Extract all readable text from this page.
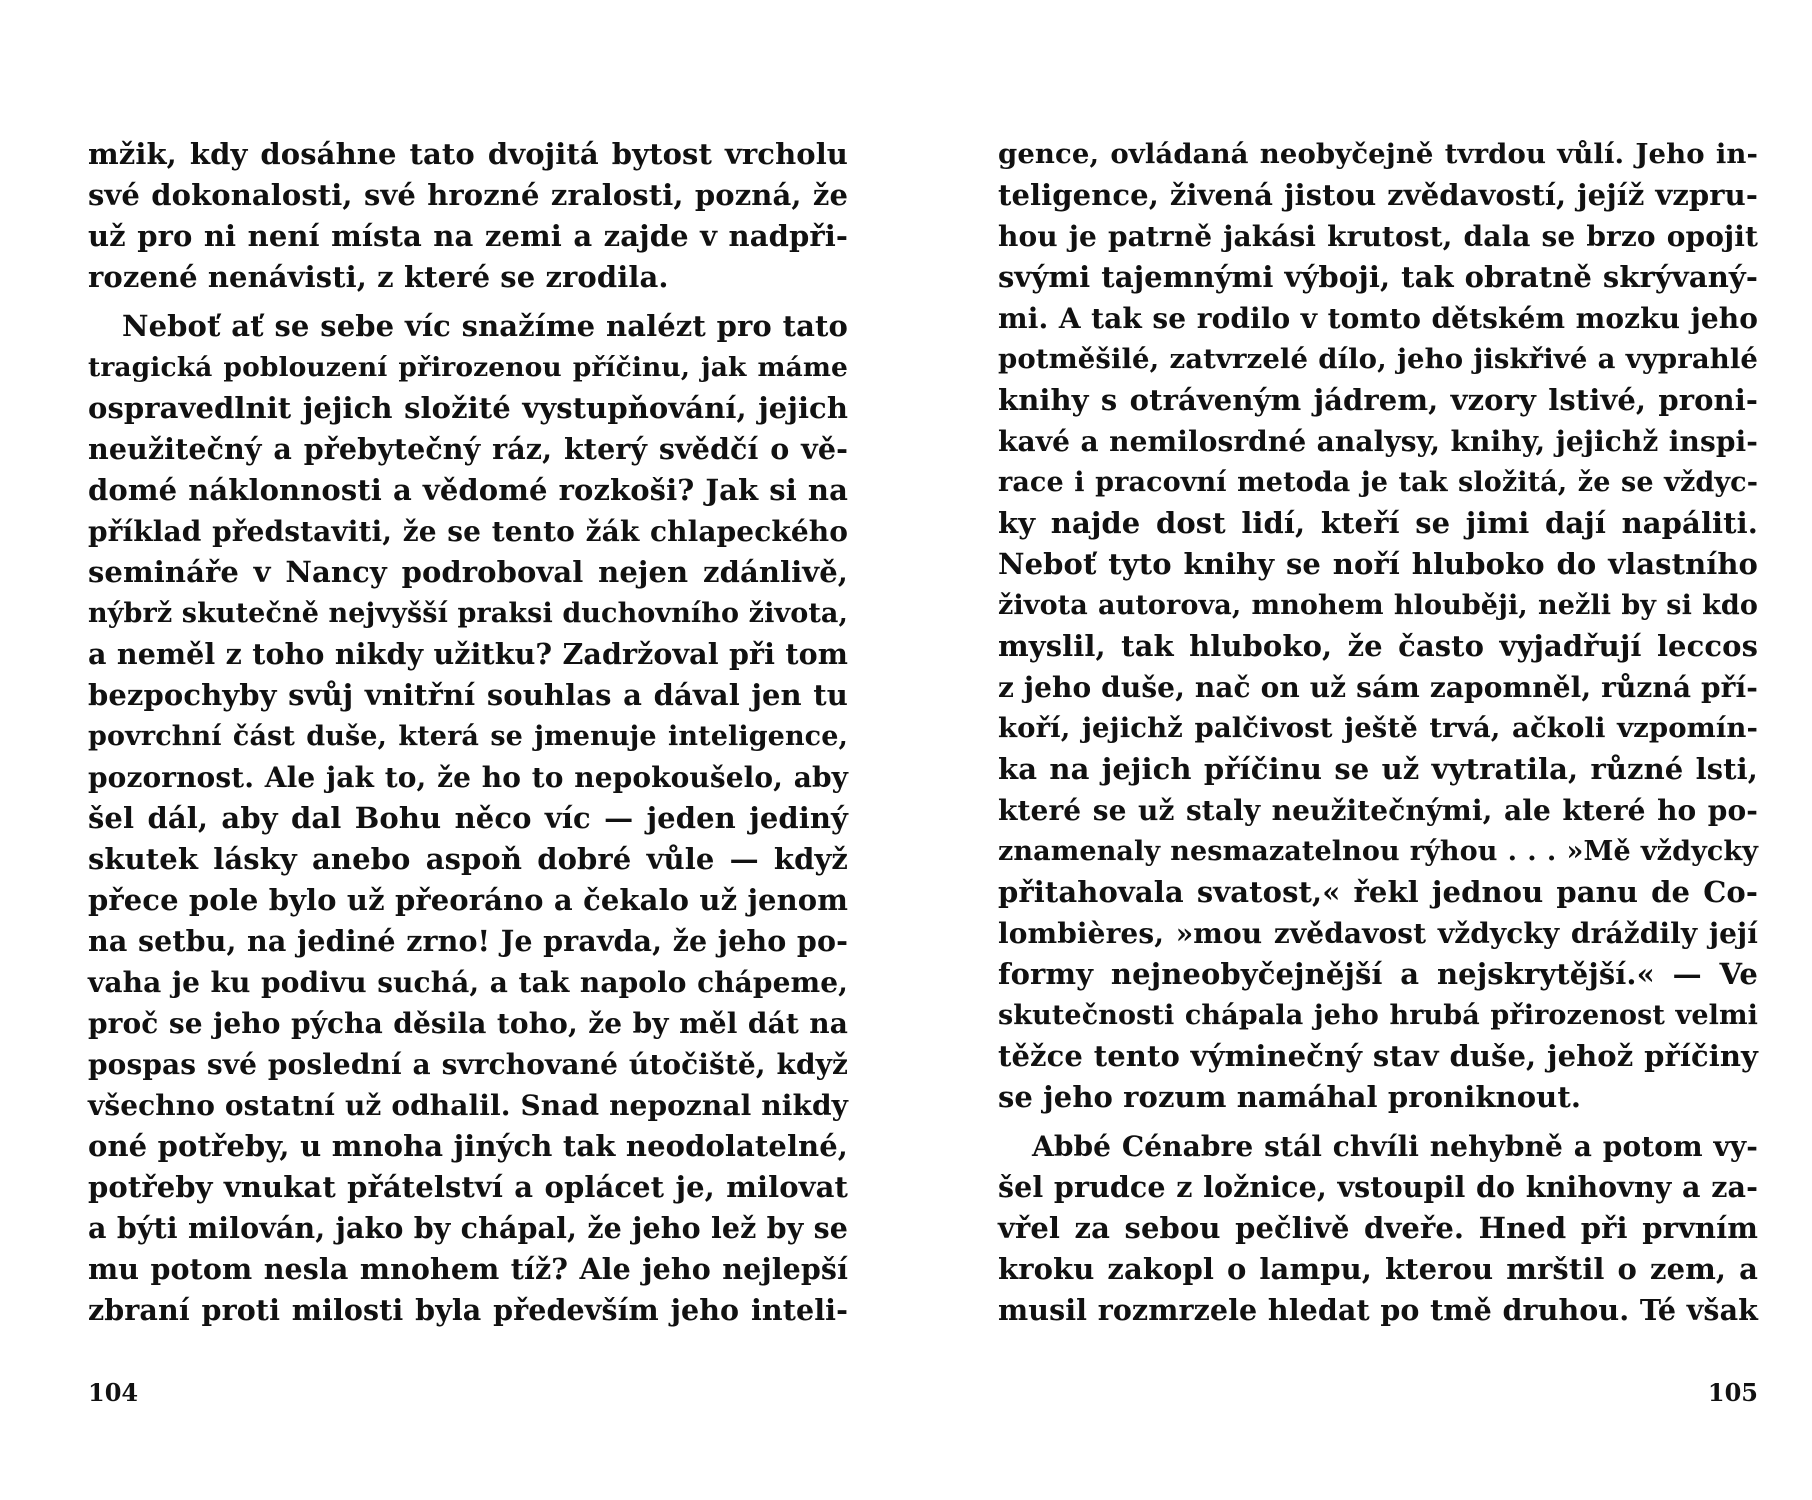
mžik, kdy dosáhne tato dvojitá bytost vrcholu
své dokonalosti, své hrozné zralosti, pozná, že
už pro ni není místa na zemi a zajde v nadpři-
rozené nenávisti, z které se zrodila.
Neboť ať se sebe víc snažíme nalézt pro tato
tragická poblouzení přirozenou příčinu, jak máme
ospravedlnit jejich složité vystupňování, jejich
neužitečný a přebytečný ráz, který svědčí o vě-
domé náklonnosti a vědomé rozkoši? Jak si na
příklad představiti, že se tento žák chlapeckého
semináře v Nancy podroboval nejen zdánlivě,
nýbrž skutečně nejvyšší praksi duchovního života,
a neměl z toho nikdy užitku? Zadržoval při tom
bezpochyby svůj vnitřní souhlas a dával jen tu
povrchní část duše, která se jmenuje inteligence,
pozornost. Ale jak to, že ho to nepokoušelo, aby
šel dál, aby dal Bohu něco víc — jeden jediný
skutek lásky anebo aspoň dobré vůle — když
přece pole bylo už přeoráno a čekalo už jenom
na setbu, na jediné zrno! Je pravda, že jeho po-
vaha je ku podivu suchá, a tak napolo chápeme,
proč se jeho pýcha děsila toho, že by měl dát na
pospas své poslední a svrchované útočiště, když
všechno ostatní už odhalil. Snad nepoznal nikdy
oné potřeby, u mnoha jiných tak neodolatelné,
potřeby vnukat přátelství a oplácet je, milovat
a býti milován, jako by chápal, že jeho lež by se
mu potom nesla mnohem tíž? Ale jeho nejlepší
zbraní proti milosti byla především jeho inteli-
104
gence, ovládaná neobyčejně tvrdou vůlí. Jeho in-
teligence, živená jistou zvědavostí, jejíž vzpru-
hou je patrně jakási krutost, dala se brzo opojit
svými tajemnými výboji, tak obratně skrývaný-
mi. A tak se rodilo v tomto dětském mozku jeho
potměšilé, zatvrzelé dílo, jeho jiskřivé a vyprahlé
knihy s otráveným jádrem, vzory lstivé, proni-
kavé a nemilosrdné analysy, knihy, jejichž inspi-
race i pracovní metoda je tak složitá, že se vždyc-
ky najde dost lidí, kteří se jimi dají napáliti.
Neboť tyto knihy se noří hluboko do vlastního
života autorova, mnohem hlouběji, nežli by si kdo
myslil, tak hluboko, že často vyjadřují leccos
z jeho duše, nač on už sám zapomněl, různá pří-
koří, jejichž palčivost ještě trvá, ačkoli vzpomín-
ka na jejich příčinu se už vytratila, různé lsti,
které se už staly neužitečnými, ale které ho po-
znamenaly nesmazatelnou rýhou . . . »Mě vždycky
přitahovala svatost,« řekl jednou panu de Co-
lombières, »mou zvědavost vždycky dráždily její
formy nejneobyčejnější a nejskrytější.« — Ve
skutečnosti chápala jeho hrubá přirozenost velmi
těžce tento výminečný stav duše, jehož příčiny
se jeho rozum namáhal proniknout.
Abbé Cénabre stál chvíli nehybně a potom vy-
šel prudce z ložnice, vstoupil do knihovny a za-
vřel za sebou pečlivě dveře. Hned při prvním
kroku zakopl o lampu, kterou mrštil o zem, a
musil rozmrzele hledat po tmě druhou. Té však
105
